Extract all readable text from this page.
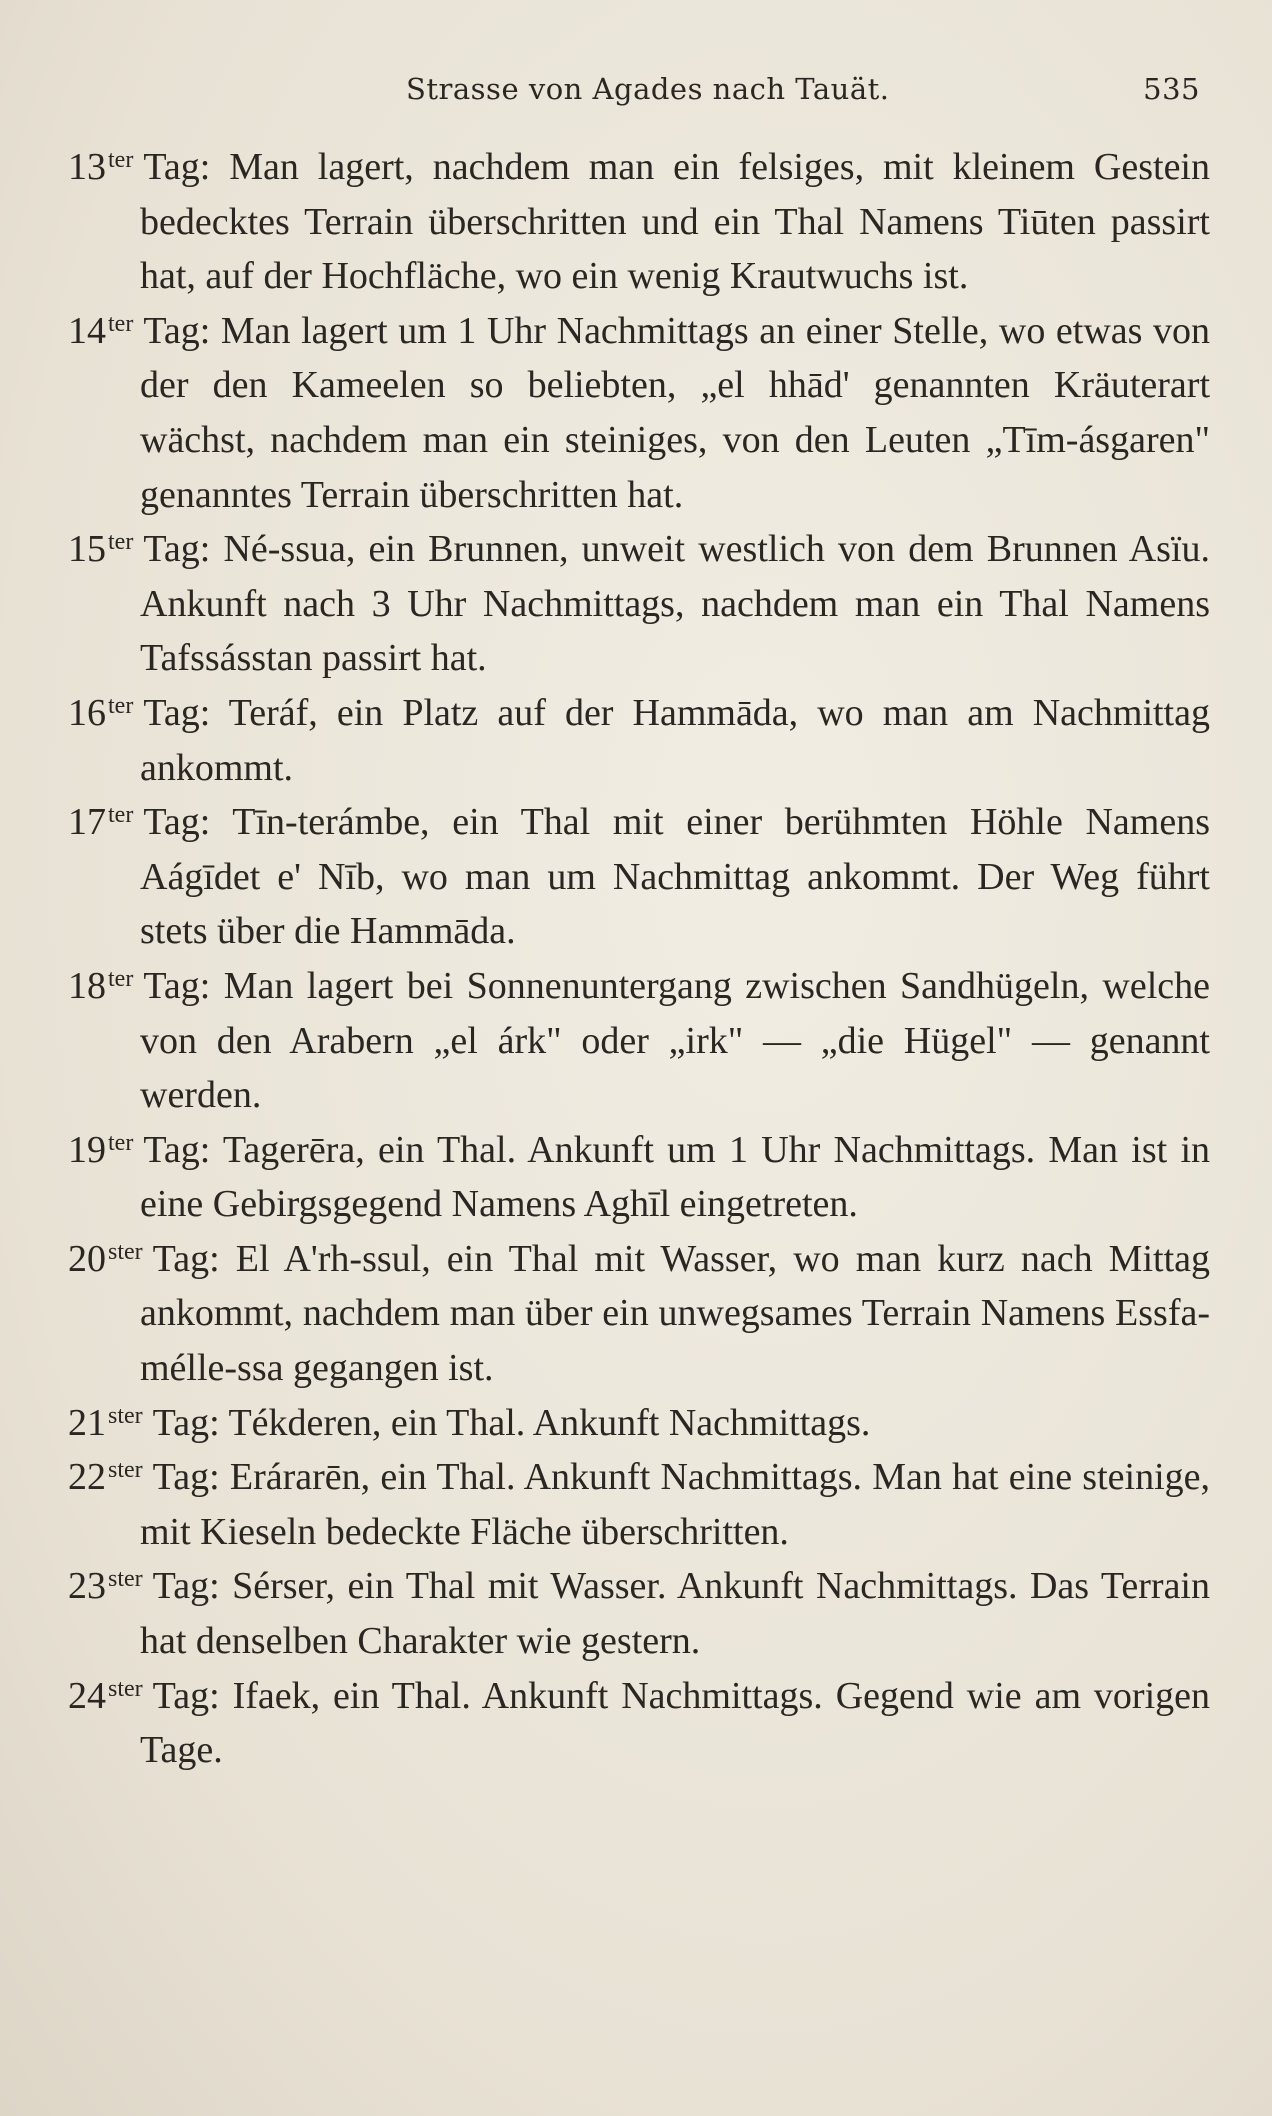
Strasse von Agades nach Tauät.	535

$13^{ter}$ Tag: Man lagert, nachdem man ein felsiges, mit kleinem Gestein bedecktes Terrain überschritten und ein Thal Namens Tiūten passirt hat, auf der Hochfläche, wo ein wenig Krautwuchs ist.

$14^{ter}$ Tag: Man lagert um 1 Uhr Nachmittags an einer Stelle, wo etwas von der den Kameelen so beliebten, „el hhād' genannten Kräuterart wächst, nachdem man ein steiniges, von den Leuten „Tīm-ásgaren" genanntes Terrain überschritten hat.

$15^{ter}$ Tag: Né-ssua, ein Brunnen, unweit westlich von dem Brunnen Asïu. Ankunft nach 3 Uhr Nachmittags, nachdem man ein Thal Namens Tafssásstan passirt hat.

$16^{ter}$ Tag: Teráf, ein Platz auf der Hammāda, wo man am Nachmittag ankommt.

$17^{ter}$ Tag: Tīn-terámbe, ein Thal mit einer berühmten Höhle Namens Aágīdet e' Nīb, wo man um Nachmittag ankommt. Der Weg führt stets über die Hammāda.

$18^{ter}$ Tag: Man lagert bei Sonnenuntergang zwischen Sandhügeln, welche von den Arabern „el árk" oder „irk" — „die Hügel" — genannt werden.

$19^{ter}$ Tag: Tagerēra, ein Thal. Ankunft um 1 Uhr Nachmittags. Man ist in eine Gebirgsgegend Namens Aghīl eingetreten.

$20^{ster}$ Tag: El A'rh-ssul, ein Thal mit Wasser, wo man kurz nach Mittag ankommt, nachdem man über ein unwegsames Terrain Namens Essfa-mélle-ssa gegangen ist.

$21^{ster}$ Tag: Tékderen, ein Thal. Ankunft Nachmittags.

$22^{ster}$ Tag: Erárarēn, ein Thal. Ankunft Nachmittags. Man hat eine steinige, mit Kieseln bedeckte Fläche überschritten.

$23^{ster}$ Tag: Sérser, ein Thal mit Wasser. Ankunft Nachmittags. Das Terrain hat denselben Charakter wie gestern.

$24^{ster}$ Tag: Ifaek, ein Thal. Ankunft Nachmittags. Gegend wie am vorigen Tage.
